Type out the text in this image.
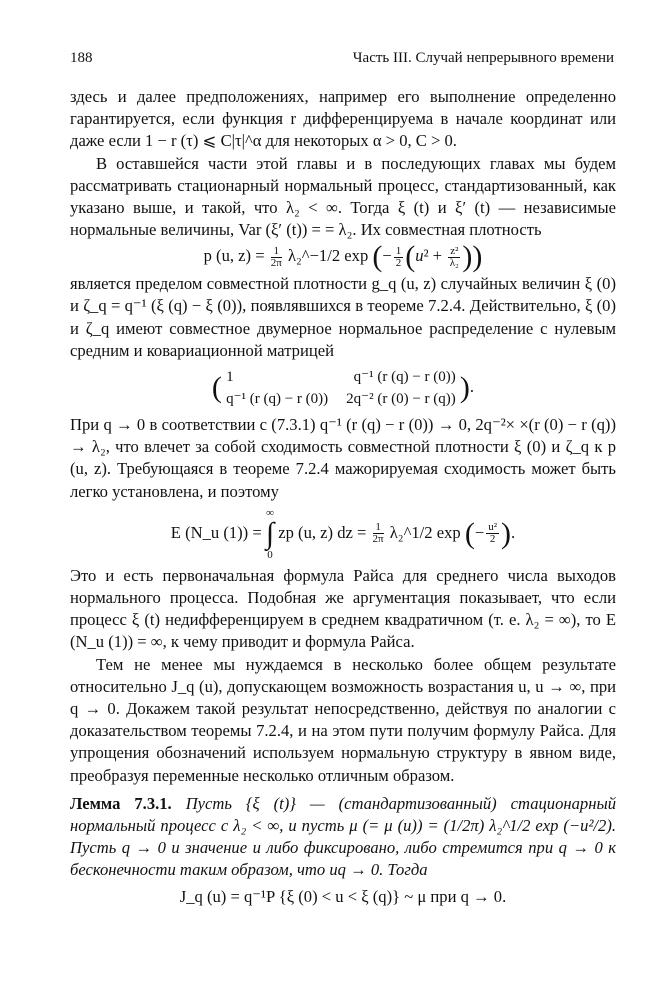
188	Часть III. Случай непрерывного времени

здесь и далее предположениях, например его выполнение определенно гарантируется, если функция r дифференцируема в начале координат или даже если 1 − r (τ) ⩽ C|τ|^α для некоторых α > 0, C > 0.

В оставшейся части этой главы и в последующих главах мы будем рассматривать стационарный нормальный процесс, стандартизованный, как указано выше, и такой, что λ₂ < ∞. Тогда ξ (t) и ξ′ (t) — независимые нормальные величины, Var (ξ′ (t)) = = λ₂. Их совместная плотность

p (u, $z) = \frac{1}{2\pi}$ λ₂^−1/2 exp (− $\frac{1}{2} (u^2 + \frac{\text{z²}}{\text{λ₂}}$ ))

является пределом совместной плотности g_q (u, z) случайных величин ξ (0) и ζ_q = q⁻¹ (ξ (q) − ξ (0)), появлявшихся в теореме 7.2.4. Действительно, ξ (0) и ζ_q имеют совместное двумерное нормальное распределение с нулевым средним и ковариационной матрицей

( 1	q⁻¹ (r (q) − r (0))
q⁻¹ (r (q) − r (0)) 2q⁻² (r (0) − r (q)) ).

При q → 0 в соответствии с (7.3.1) q⁻¹ (r (q) − r (0)) → 0, 2q⁻²× ×(r (0) − r (q)) → λ₂, что влечет за собой сходимость совместной плотности ξ (0) и ζ_q к p (u, z). Требующаяся в теореме 7.2.4 мажорируемая сходимость может быть легко установлена, и поэтому

E (N_u (1)) =
∞
∫
0
zp (u, z) dz = $\frac{1}{2\pi}$ λ₂^1/2 exp (− $\frac{\text{u²}}{2}$ ).

Это и есть первоначальная формула Райса для среднего числа выходов нормального процесса. Подобная же аргументация показывает, что если процесс ξ (t) недифференцируем в среднем квадратичном (т. е. λ₂ = ∞), то E (N_u (1)) = ∞, к чему приводит и формула Райса.

Тем не менее мы нуждаемся в несколько более общем результате относительно J_q (u), допускающем возможность возрастания u, u → ∞, при q → 0. Докажем такой результат непосредственно, действуя по аналогии с доказательством теоремы 7.2.4, и на этом пути получим формулу Райса. Для упрощения обозначений используем нормальную структуру в явном виде, преобразуя переменные несколько отличным образом.

Лемма 7.3.1. Пусть {ξ (t)} — (стандартизованный) стационарный нормальный процесс с λ₂ < ∞, и пусть μ (= μ (u)) = (1/2π) λ₂^1/2 exp (−u²/2). Пусть q → 0 и значение u либо фиксировано, либо стремится при q → 0 к бесконечности таким образом, что uq → 0. Тогда

J_q (u) = q⁻¹P {ξ (0) < u < ξ (q)} ~ μ при q → 0.
